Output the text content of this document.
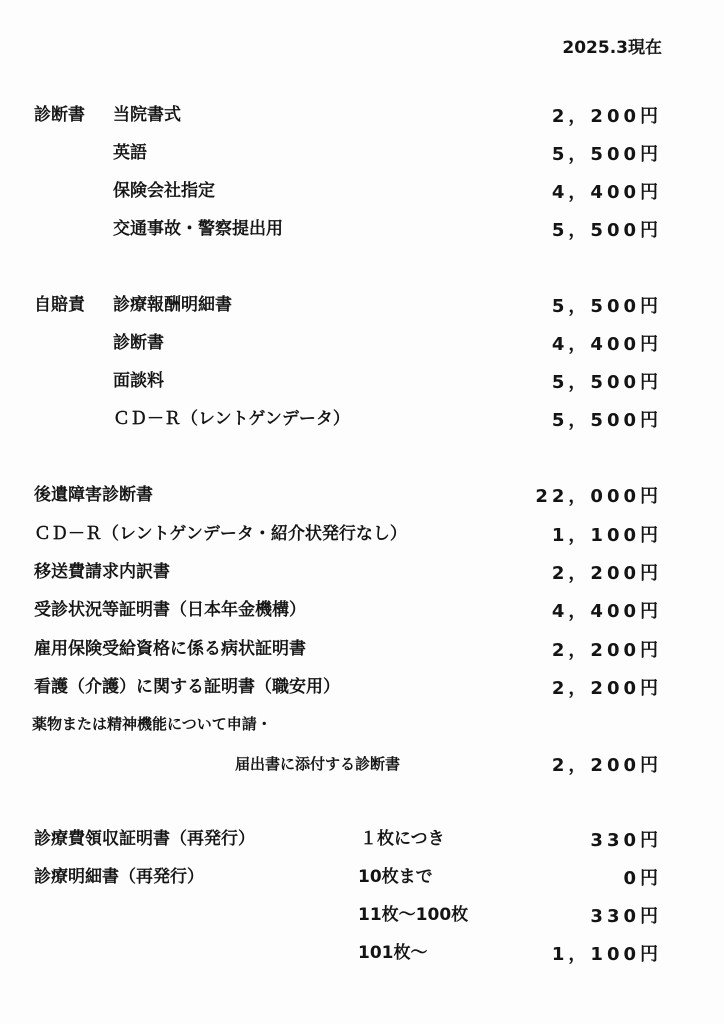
2025.3現在
診断書 当院書式	2，200円
英語	5，500円
保険会社指定	4，400円
交通事故・警察提出用	5，500円
自賠責 診療報酬明細書	5，500円
診断書	4，400円
面談料	5，500円
ＣＤ－Ｒ（レントゲンデータ）	5，500円
後遺障害診断書	22，000円
ＣＤ－Ｒ（レントゲンデータ・紹介状発行なし）	1，100円
移送費請求内訳書	2，200円
受診状況等証明書（日本年金機構）	4，400円
雇用保険受給資格に係る病状証明書	2，200円
看護（介護）に関する証明書（職安用）	2，200円
薬物または精神機能について申請・
届出書に添付する診断書	2，200円
診療費領収証明書（再発行）	１枚につき	330円
診療明細書（再発行）	10枚まで	0円
11枚～100枚	330円
101枚～	1，100円
